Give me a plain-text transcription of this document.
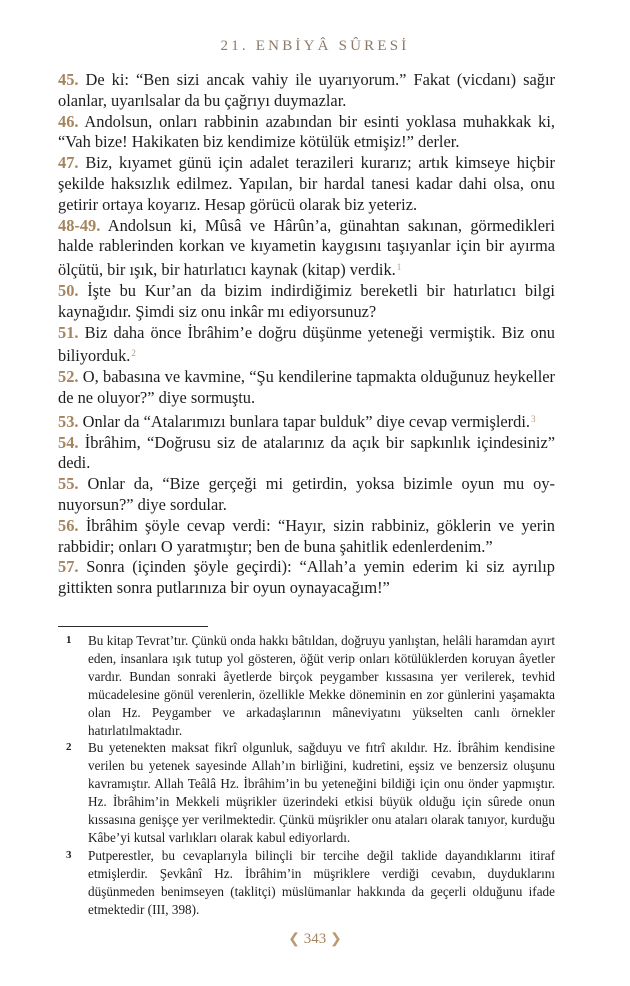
21. ENBİYÂ SÛRESİ
45. De ki: “Ben sizi ancak vahiy ile uyarıyorum.” Fakat (vicdanı) sağır olanlar, uyarılsalar da bu çağrıyı duymazlar.
46. Andolsun, onları rabbinin azabından bir esinti yoklasa muhakkak ki, “Vah bize! Hakikaten biz kendimize kötülük etmişiz!” derler.
47. Biz, kıyamet günü için adalet terazileri kurarız; artık kimseye hiçbir şekilde haksızlık edilmez. Yapılan, bir hardal tanesi kadar dahi olsa, onu getirir ortaya koyarız. Hesap görücü olarak biz yeteriz.
48-49. Andolsun ki, Mûsâ ve Hârûn’a, günahtan sakınan, görmedikleri halde rablerinden korkan ve kıyametin kaygısını taşıyanlar için bir ayırma ölçütü, bir ışık, bir hatırlatıcı kaynak (kitap) verdik.$^1$
50. İşte bu Kur’an da bizim indirdiğimiz bereketli bir hatırlatıcı bilgi kaynağıdır. Şimdi siz onu inkâr mı ediyorsunuz?
51. Biz daha önce İbrâhim’e doğru düşünme yeteneği vermiştik. Biz onu biliyorduk.$^2$
52. O, babasına ve kavmine, “Şu kendilerine tapmakta olduğunuz heykeller de ne oluyor?” diye sormuştu.
53. Onlar da “Atalarımızı bunlara tapar bulduk” diye cevap vermişlerdi.$^3$
54. İbrâhim, “Doğrusu siz de atalarınız da açık bir sapkınlık içindesiniz” dedi.
55. Onlar da, “Bize gerçeği mi getirdin, yoksa bizimle oyun mu oynuyorsun?” diye sordular.
56. İbrâhim şöyle cevap verdi: “Hayır, sizin rabbiniz, göklerin ve yerin rabbidir; onları O yaratmıştır; ben de buna şahitlik edenlerdenim.”
57. Sonra (içinden şöyle geçirdi): “Allah’a yemin ederim ki siz ayrılıp gittikten sonra putlarınıza bir oyun oynayacağım!”
1	Bu kitap Tevrat’tır. Çünkü onda hakkı bâtıldan, doğruyu yanlıştan, helâli haramdan ayırt eden, insanlara ışık tutup yol gösteren, öğüt verip onları kötülüklerden koruyan âyetler vardır. Bundan sonraki âyetlerde birçok peygamber kıssasına yer verilerek, tevhid mücadelesine gönül verenlerin, özellikle Mekke döneminin en zor günlerini yaşamakta olan Hz. Peygamber ve arkadaşlarının mâneviyatını yükselten canlı örnekler hatırlatılmaktadır.
2	Bu yetenekten maksat fikrî olgunluk, sağduyu ve fıtrî akıldır. Hz. İbrâhim kendisine verilen bu yetenek sayesinde Allah’ın birliğini, kudretini, eşsiz ve benzersiz oluşunu kavramıştır. Allah Teâlâ Hz. İbrâhim’in bu yeteneğini bildiği için onu önder yapmıştır. Hz. İbrâhim’in Mekkeli müşrikler üzerindeki etkisi büyük olduğu için sûrede onun kıssasına genişçe yer verilmektedir. Çünkü müşrikler onu ataları olarak tanıyor, kurduğu Kâbe’yi kutsal varlıkları olarak kabul ediyorlardı.
3	Putperestler, bu cevaplarıyla bilinçli bir tercihe değil taklide dayandıklarını itiraf etmişlerdir. Şevkânî Hz. İbrâhim’in müşriklere verdiği cevabın, duyduklarını düşünmeden benimseyen (taklitçi) müslümanlar hakkında da geçerli olduğunu ifade etmektedir (III, 398).
❮ 343 ❯
